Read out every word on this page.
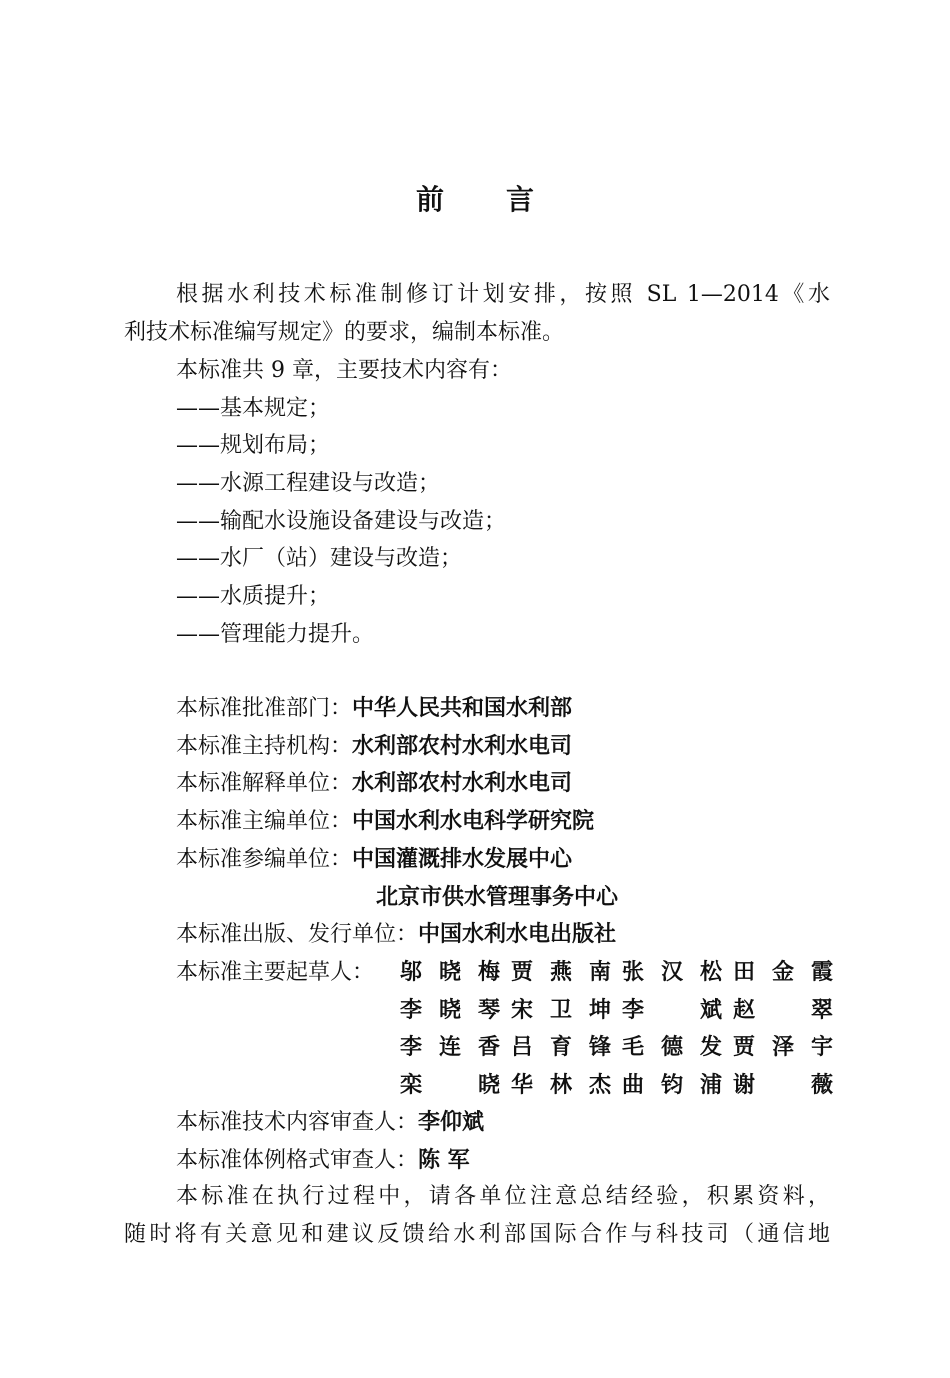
前言
根据水利技术标准制修订计划安排，按照 SL 1—2014《水
利技术标准编写规定》的要求，编制本标准。
本标准共 9 章，主要技术内容有：
——基本规定；
——规划布局；
——水源工程建设与改造；
——输配水设施设备建设与改造；
——水厂（站）建设与改造；
——水质提升；
——管理能力提升。
本标准批准部门：中华人民共和国水利部
本标准主持机构：水利部农村水利水电司
本标准解释单位：水利部农村水利水电司
本标准主编单位：中国水利水电科学研究院
本标准参编单位：中国灌溉排水发展中心
北京市供水管理事务中心
本标准出版、发行单位：中国水利水电出版社
本标准主要起草人： 邬晓梅 贾燕南 张汉松 田金霞
李晓琴 宋卫坤 李 斌 赵 翠
李连香 吕育锋 毛德发 贾泽宇
栾 晓 华林杰 曲钧浦 谢 薇
本标准技术内容审查人：李仰斌
本标准体例格式审查人：陈 军
本标准在执行过程中，请各单位注意总结经验，积累资料，
随时将有关意见和建议反馈给水利部国际合作与科技司（通信地
